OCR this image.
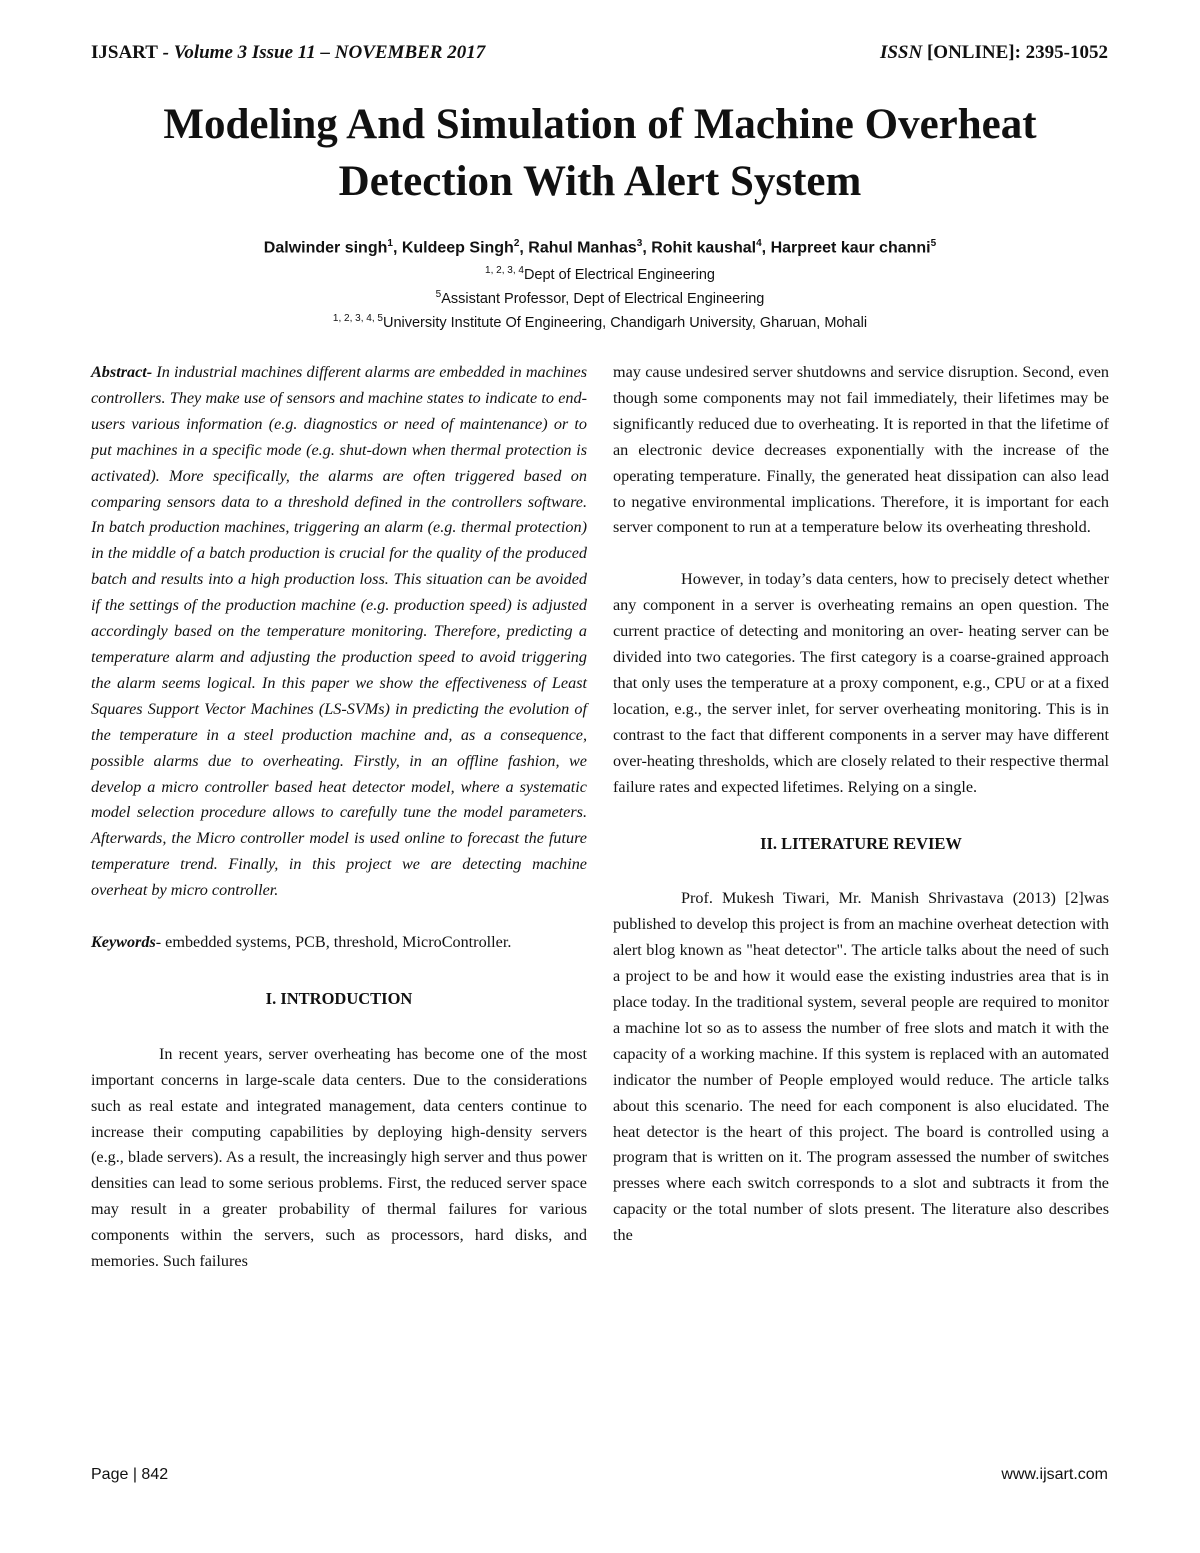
IJSART - Volume 3 Issue 11 – NOVEMBER 2017	ISSN [ONLINE]: 2395-1052
Modeling And Simulation of Machine Overheat
Detection With Alert System
Dalwinder singh$^1$, Kuldeep Singh$^2$, Rahul Manhas$^3$, Rohit kaushal$^4$, Harpreet kaur channi$^5$
$^{1, 2, 3, 4}$Dept of Electrical Engineering
$^5$Assistant Professor, Dept of Electrical Engineering
$^{1, 2, 3, 4, 5}$University Institute Of Engineering, Chandigarh University, Gharuan, Mohali

Abstract- In industrial machines different alarms are embedded in machines controllers. They make use of sensors and machine states to indicate to end-users various information (e.g. diagnostics or need of maintenance) or to put machines in a specific mode (e.g. shut-down when thermal protection is activated). More specifically, the alarms are often triggered based on comparing sensors data to a threshold defined in the controllers software. In batch production machines, triggering an alarm (e.g. thermal protection) in the middle of a batch production is crucial for the quality of the produced batch and results into a high production loss. This situation can be avoided if the settings of the production machine (e.g. production speed) is adjusted accordingly based on the temperature monitoring. Therefore, predicting a temperature alarm and adjusting the production speed to avoid triggering the alarm seems logical. In this paper we show the effectiveness of Least Squares Support Vector Machines (LS-SVMs) in predicting the evolution of the temperature in a steel production machine and, as a consequence, possible alarms due to overheating. Firstly, in an offline fashion, we develop a micro controller based heat detector model, where a systematic model selection procedure allows to carefully tune the model parameters. Afterwards, the Micro controller model is used online to forecast the future temperature trend. Finally, in this project we are detecting machine overheat by micro controller.

Keywords- embedded systems, PCB, threshold, MicroController.

I. INTRODUCTION

In recent years, server overheating has become one of the most important concerns in large-scale data centers. Due to the considerations such as real estate and integrated management, data centers continue to increase their computing capabilities by deploying high-density servers (e.g., blade servers). As a result, the increasingly high server and thus power densities can lead to some serious problems. First, the reduced server space may result in a greater probability of thermal failures for various components within the servers, such as processors, hard disks, and memories. Such failures

may cause undesired server shutdowns and service disruption. Second, even though some components may not fail immediately, their lifetimes may be significantly reduced due to overheating. It is reported in that the lifetime of an electronic device decreases exponentially with the increase of the operating temperature. Finally, the generated heat dissipation can also lead to negative environmental implications. Therefore, it is important for each server component to run at a temperature below its overheating threshold.

However, in today’s data centers, how to precisely detect whether any component in a server is overheating remains an open question. The current practice of detecting and monitoring an over- heating server can be divided into two categories. The first category is a coarse-grained approach that only uses the temperature at a proxy component, e.g., CPU or at a fixed location, e.g., the server inlet, for server overheating monitoring. This is in contrast to the fact that different components in a server may have different over-heating thresholds, which are closely related to their respective thermal failure rates and expected lifetimes. Relying on a single.

II. LITERATURE REVIEW

Prof. Mukesh Tiwari, Mr. Manish Shrivastava (2013) [2]was published to develop this project is from an machine overheat detection with alert blog known as "heat detector". The article talks about the need of such a project to be and how it would ease the existing industries area that is in place today. In the traditional system, several people are required to monitor a machine lot so as to assess the number of free slots and match it with the capacity of a working machine. If this system is replaced with an automated indicator the number of People employed would reduce. The article talks about this scenario. The need for each component is also elucidated. The heat detector is the heart of this project. The board is controlled using a program that is written on it. The program assessed the number of switches presses where each switch corresponds to a slot and subtracts it from the capacity or the total number of slots present. The literature also describes the

Page | 842	www.ijsart.com
